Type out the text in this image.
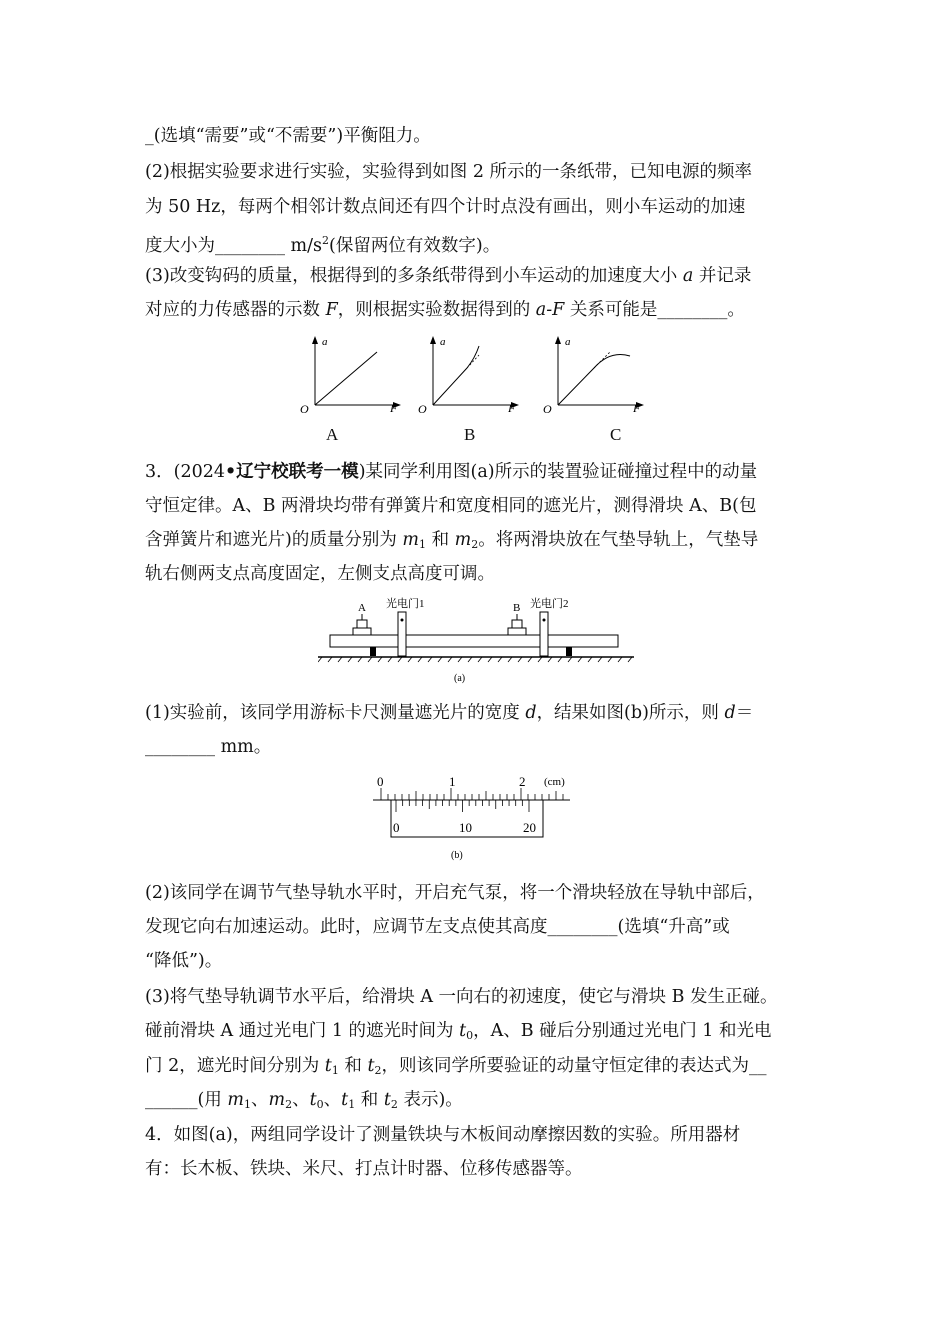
_(选填“需要”或“不需要”)平衡阻力。
(2)根据实验要求进行实验，实验得到如图 2 所示的一条纸带，已知电源的频率
为 50 Hz，每两个相邻计数点间还有四个计时点没有画出，则小车运动的加速
度大小为________ $m/s^2$(保留两位有效数字)。
(3)改变钩码的质量，根据得到的多条纸带得到小车运动的加速度大小 a 并记录
对应的力传感器的示数 F，则根据实验数据得到的 a-F 关系可能是________。
a
F
O
a
F
O
a
F
O
A	B	C
3．(2024•辽宁校联考一模)某同学利用图(a)所示的装置验证碰撞过程中的动量
守恒定律。A、B 两滑块均带有弹簧片和宽度相同的遮光片，测得滑块 A、B(包
含弹簧片和遮光片)的质量分别为 $m_1$ 和 $m_2$。将两滑块放在气垫导轨上，气垫导
轨右侧两支点高度固定，左侧支点高度可调。
A	B
光电门1	光电门2
(a)
(1)实验前，该同学用游标卡尺测量遮光片的宽度 d，结果如图(b)所示，则 d＝
________ mm。
0	1	2 (cm)
0	10	20
(b)
(2)该同学在调节气垫导轨水平时，开启充气泵，将一个滑块轻放在导轨中部后，
发现它向右加速运动。此时，应调节左支点使其高度________(选填“升高”或
“降低”)。
(3)将气垫导轨调节水平后，给滑块 A 一向右的初速度，使它与滑块 B 发生正碰。
碰前滑块 A 通过光电门 1 的遮光时间为 $t_0$，A、B 碰后分别通过光电门 1 和光电
门 2，遮光时间分别为 $t_1$ 和 $t_2$，则该同学所要验证的动量守恒定律的表达式为__
______(用 $m_1$、$m_2$、$t_0$、$t_1$ 和 $t_2$ 表示)。
4．如图(a)，两组同学设计了测量铁块与木板间动摩擦因数的实验。所用器材
有：长木板、铁块、米尺、打点计时器、位移传感器等。
